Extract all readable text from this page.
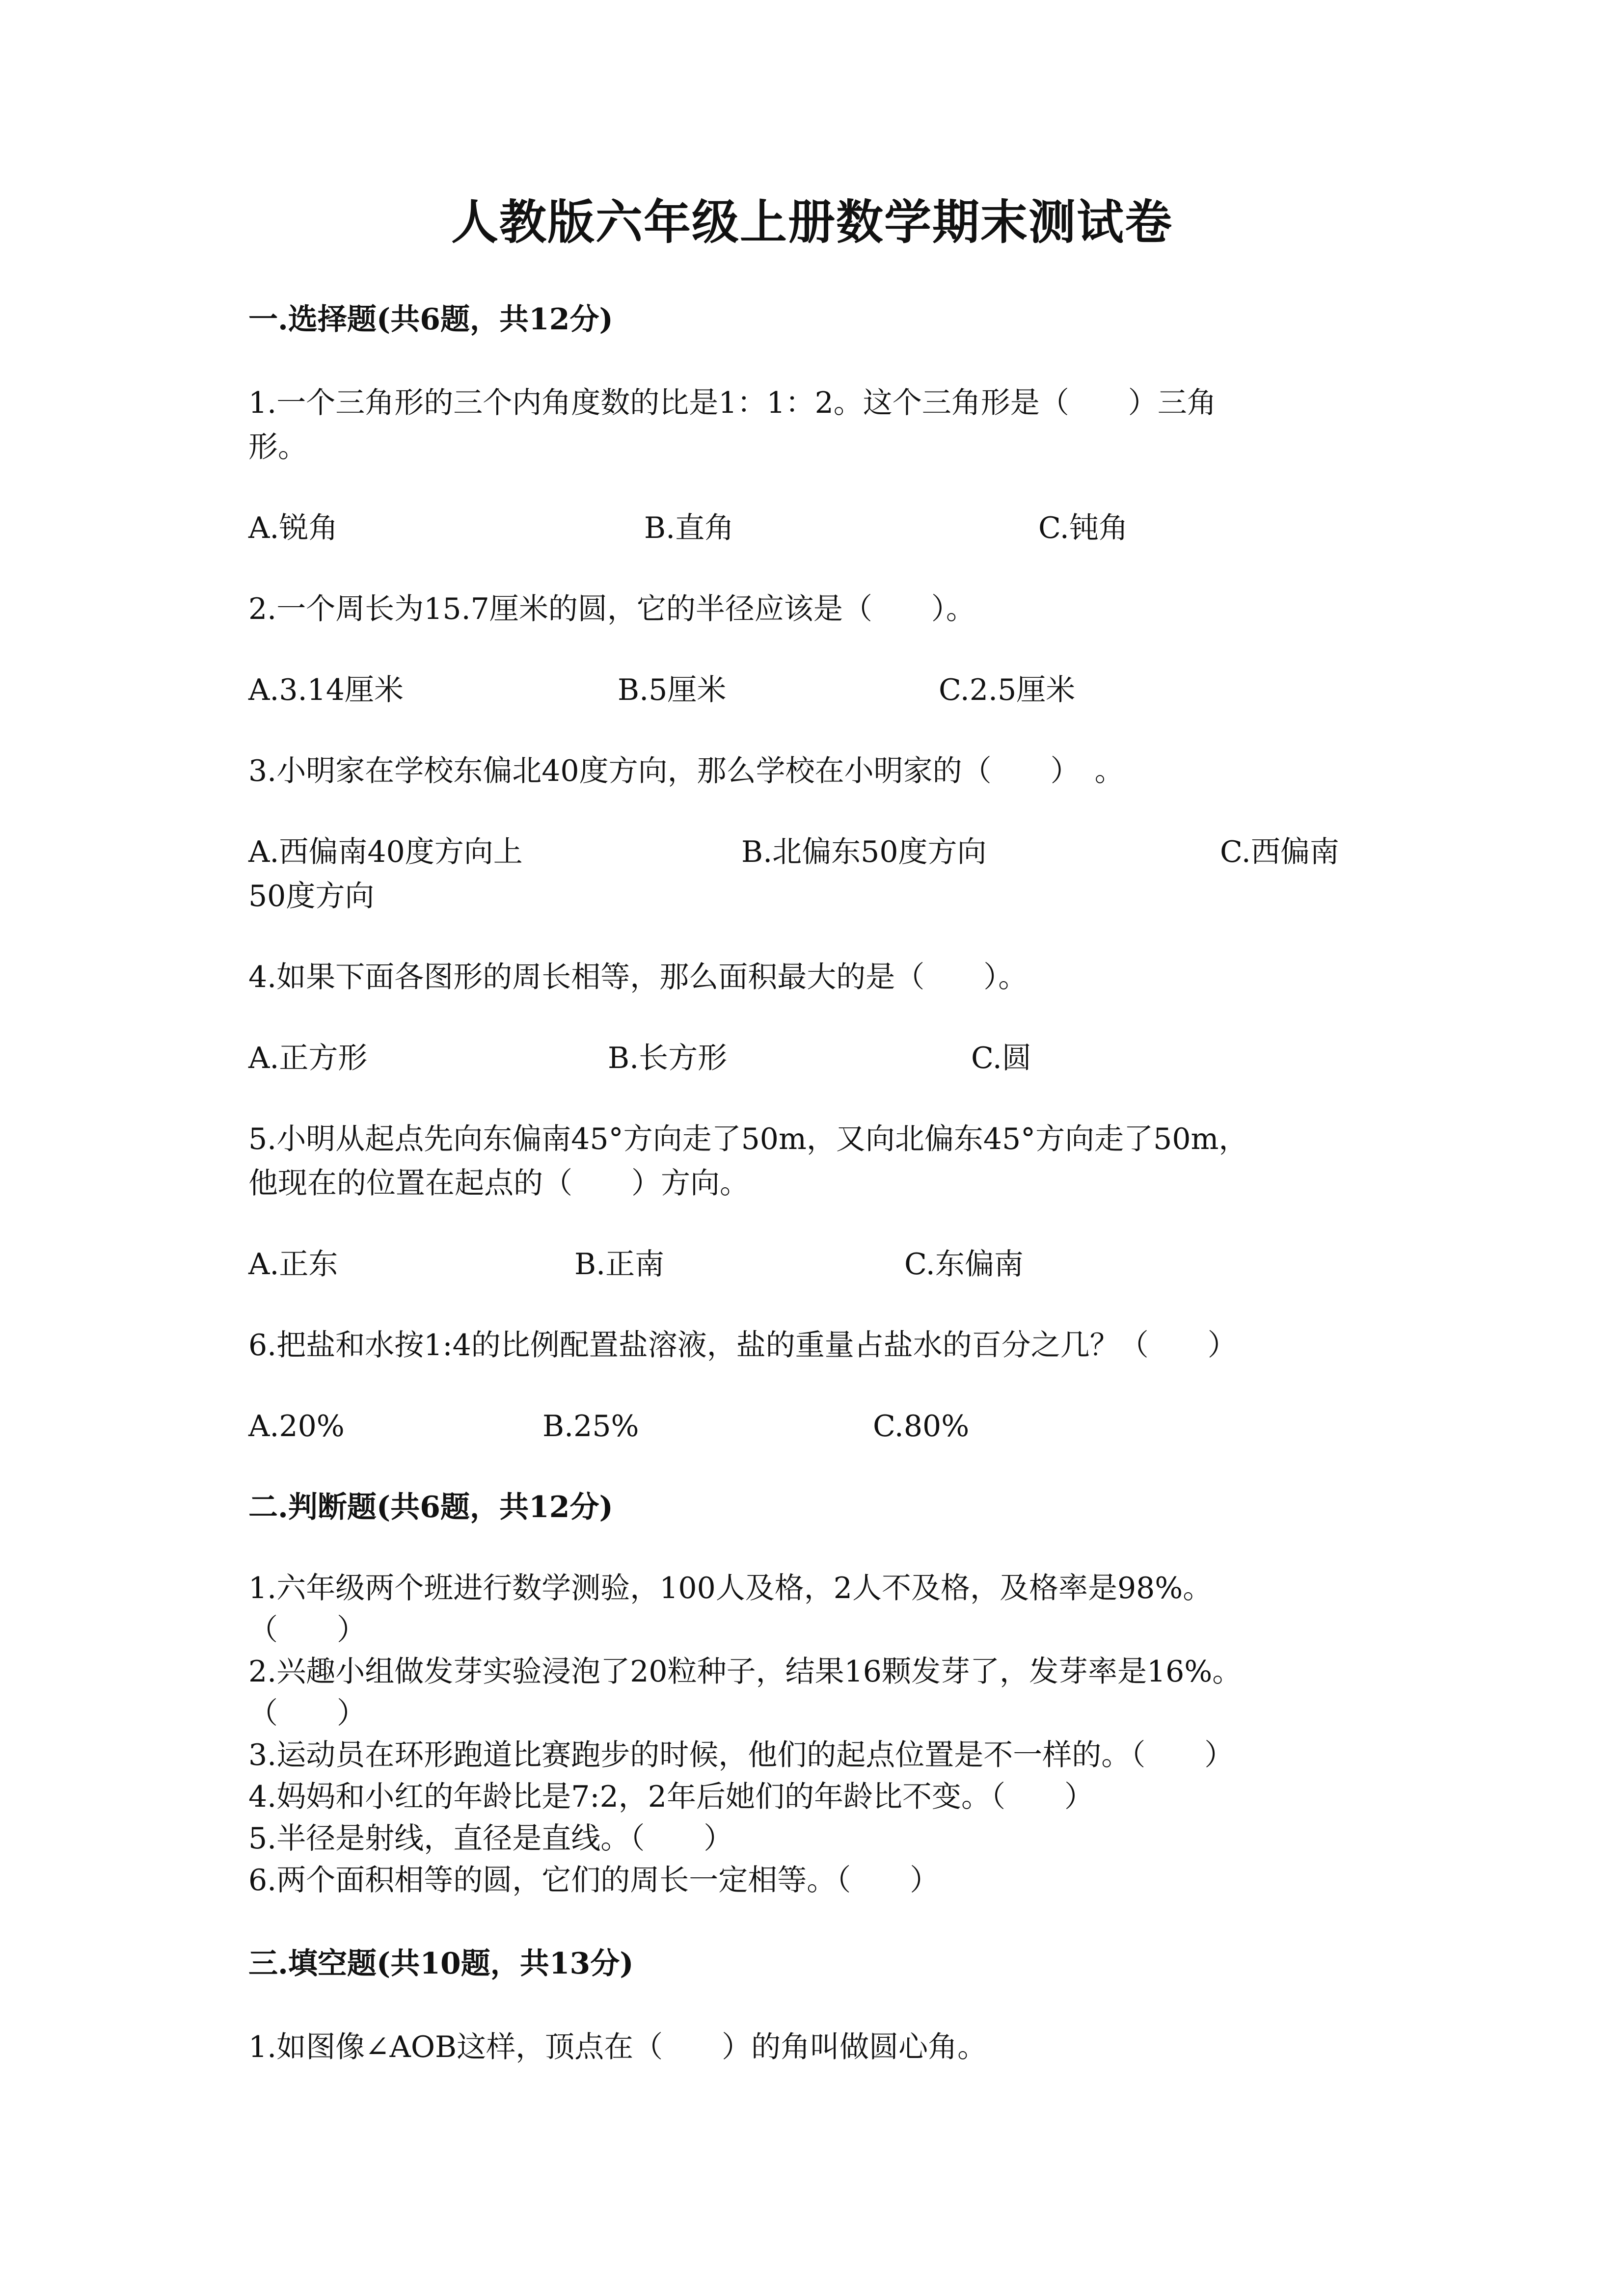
人教版六年级上册数学期末测试卷
一.选择题(共6题，共12分)
1.一个三角形的三个内角度数的比是1：1：2。这个三角形是（　　）三角
形。
A.锐角	B.直角	C.钝角
2.一个周长为15.7厘米的圆，它的半径应该是（　　）。
A.3.14厘米	B.5厘米	C.2.5厘米
3.小明家在学校东偏北40度方向，那么学校在小明家的（　　）　。
A.西偏南40度方向上	B.北偏东50度方向	C.西偏南
50度方向
4.如果下面各图形的周长相等，那么面积最大的是（　　）。
A.正方形	B.长方形	C.圆
5.小明从起点先向东偏南45°方向走了50m，又向北偏东45°方向走了50m，
他现在的位置在起点的（　　）方向。
A.正东	B.正南	C.东偏南
6.把盐和水按1:4的比例配置盐溶液，盐的重量占盐水的百分之几？（　　）
A.20%	B.25%	C.80%
二.判断题(共6题，共12分)
1.六年级两个班进行数学测验，100人及格，2人不及格，及格率是98%。
（　　）
2.兴趣小组做发芽实验浸泡了20粒种子，结果16颗发芽了，发芽率是16%。
（　　）
3.运动员在环形跑道比赛跑步的时候，他们的起点位置是不一样的。（　　）
4.妈妈和小红的年龄比是7:2，2年后她们的年龄比不变。（　　）
5.半径是射线，直径是直线。（　　）
6.两个面积相等的圆，它们的周长一定相等。（　　）
三.填空题(共10题，共13分)
1.如图像∠AOB这样，顶点在（　　）的角叫做圆心角。
